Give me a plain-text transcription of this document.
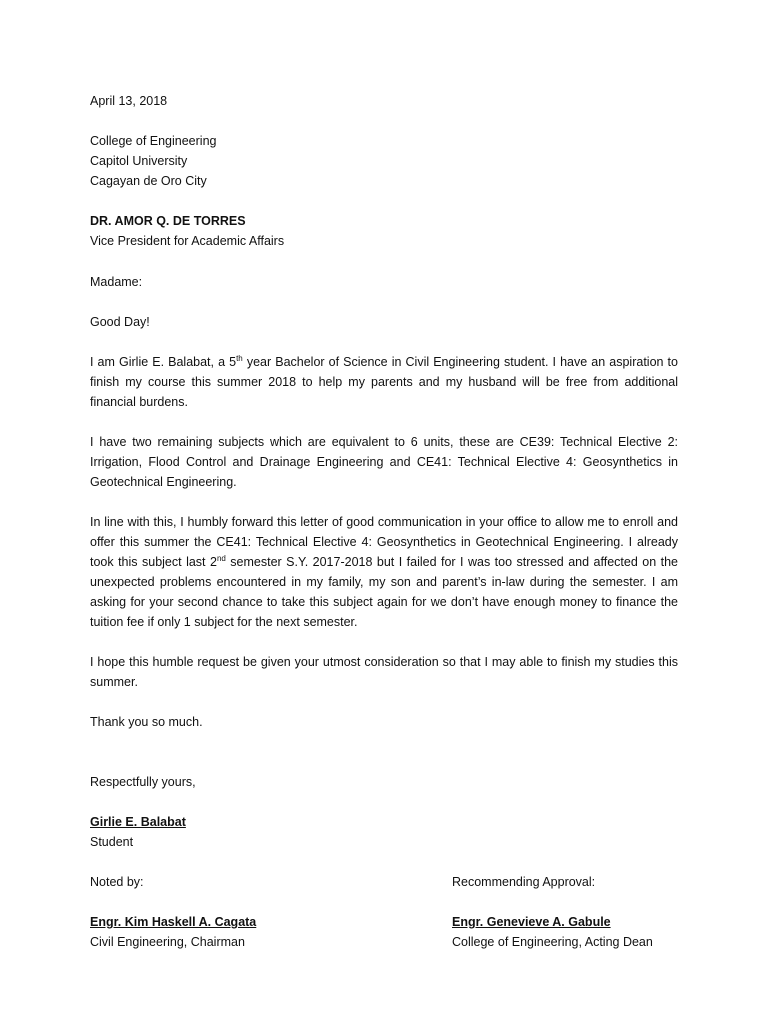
April 13, 2018
College of Engineering
Capitol University
Cagayan de Oro City
DR. AMOR Q. DE TORRES
Vice President for Academic Affairs
Madame:
Good Day!

I am Girlie E. Balabat, a 5th year Bachelor of Science in Civil Engineering student. I have an aspiration to finish my course this summer 2018 to help my parents and my husband will be free from additional financial burdens.

I have two remaining subjects which are equivalent to 6 units, these are CE39: Technical Elective 2: Irrigation, Flood Control and Drainage Engineering and CE41: Technical Elective 4: Geosynthetics in Geotechnical Engineering.

In line with this, I humbly forward this letter of good communication in your office to allow me to enroll and offer this summer the CE41: Technical Elective 4: Geosynthetics in Geotechnical Engineering. I already took this subject last 2nd semester S.Y. 2017-2018 but I failed for I was too stressed and affected on the unexpected problems encountered in my family, my son and parent’s in-law during the semester. I am asking for your second chance to take this subject again for we don’t have enough money to finance the tuition fee if only 1 subject for the next semester.

I hope this humble request be given your utmost consideration so that I may able to finish my studies this summer.

Thank you so much.
Respectfully yours,
Girlie E. Balabat
Student
Noted by:	Recommending Approval:
Engr. Kim Haskell A. Cagata
Civil Engineering, Chairman
Engr. Genevieve A. Gabule
College of Engineering, Acting Dean
